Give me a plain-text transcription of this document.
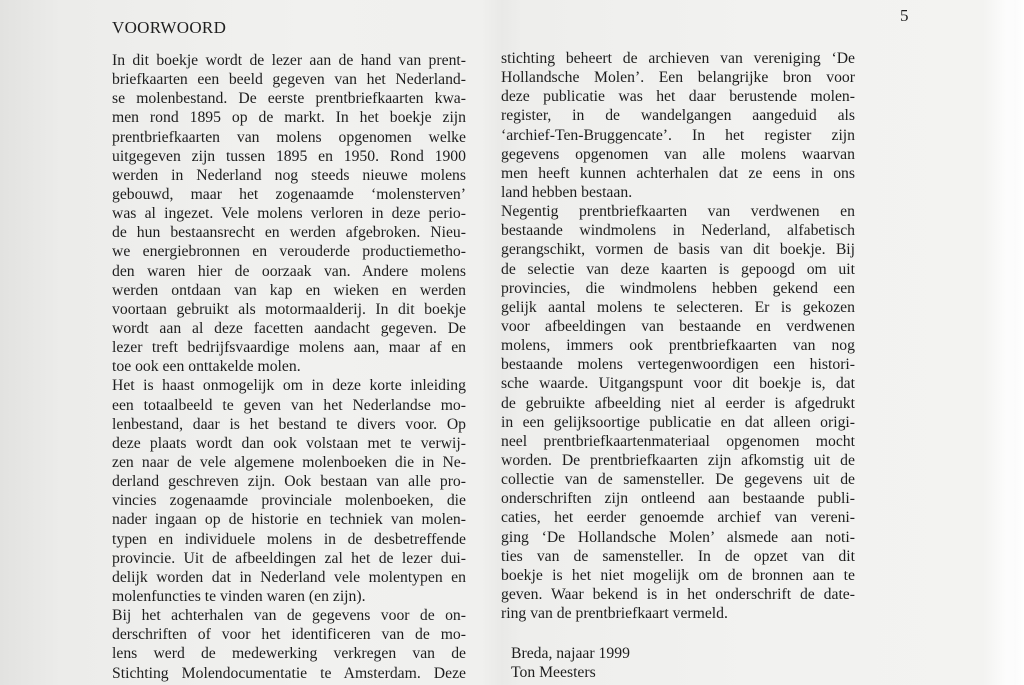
5
VOORWOORD
In dit boekje wordt de lezer aan de hand van prent-
briefkaarten een beeld gegeven van het Nederland-
se molenbestand. De eerste prentbriefkaarten kwa-
men rond 1895 op de markt. In het boekje zijn
prentbriefkaarten van molens opgenomen welke
uitgegeven zijn tussen 1895 en 1950. Rond 1900
werden in Nederland nog steeds nieuwe molens
gebouwd, maar het zogenaamde ‘molensterven’
was al ingezet. Vele molens verloren in deze perio-
de hun bestaansrecht en werden afgebroken. Nieu-
we energiebronnen en verouderde productiemetho-
den waren hier de oorzaak van. Andere molens
werden ontdaan van kap en wieken en werden
voortaan gebruikt als motormaalderij. In dit boekje
wordt aan al deze facetten aandacht gegeven. De
lezer treft bedrijfsvaardige molens aan, maar af en
toe ook een onttakelde molen.
Het is haast onmogelijk om in deze korte inleiding
een totaalbeeld te geven van het Nederlandse mo-
lenbestand, daar is het bestand te divers voor. Op
deze plaats wordt dan ook volstaan met te verwij-
zen naar de vele algemene molenboeken die in Ne-
derland geschreven zijn. Ook bestaan van alle pro-
vincies zogenaamde provinciale molenboeken, die
nader ingaan op de historie en techniek van molen-
typen en individuele molens in de desbetreffende
provincie. Uit de afbeeldingen zal het de lezer dui-
delijk worden dat in Nederland vele molentypen en
molenfuncties te vinden waren (en zijn).
Bij het achterhalen van de gegevens voor de on-
derschriften of voor het identificeren van de mo-
lens werd de medewerking verkregen van de
Stichting Molendocumentatie te Amsterdam. Deze
stichting beheert de archieven van vereniging ‘De
Hollandsche Molen’. Een belangrijke bron voor
deze publicatie was het daar berustende molen-
register, in de wandelgangen aangeduid als
‘archief-Ten-Bruggencate’. In het register zijn
gegevens opgenomen van alle molens waarvan
men heeft kunnen achterhalen dat ze eens in ons
land hebben bestaan.
Negentig prentbriefkaarten van verdwenen en
bestaande windmolens in Nederland, alfabetisch
gerangschikt, vormen de basis van dit boekje. Bij
de selectie van deze kaarten is gepoogd om uit
provincies, die windmolens hebben gekend een
gelijk aantal molens te selecteren. Er is gekozen
voor afbeeldingen van bestaande en verdwenen
molens, immers ook prentbriefkaarten van nog
bestaande molens vertegenwoordigen een histori-
sche waarde. Uitgangspunt voor dit boekje is, dat
de gebruikte afbeelding niet al eerder is afgedrukt
in een gelijksoortige publicatie en dat alleen origi-
neel prentbriefkaartenmateriaal opgenomen mocht
worden. De prentbriefkaarten zijn afkomstig uit de
collectie van de samensteller. De gegevens uit de
onderschriften zijn ontleend aan bestaande publi-
caties, het eerder genoemde archief van vereni-
ging ‘De Hollandsche Molen’ alsmede aan noti-
ties van de samensteller. In de opzet van dit
boekje is het niet mogelijk om de bronnen aan te
geven. Waar bekend is in het onderschrift de date-
ring van de prentbriefkaart vermeld.
Breda, najaar 1999
Ton Meesters
